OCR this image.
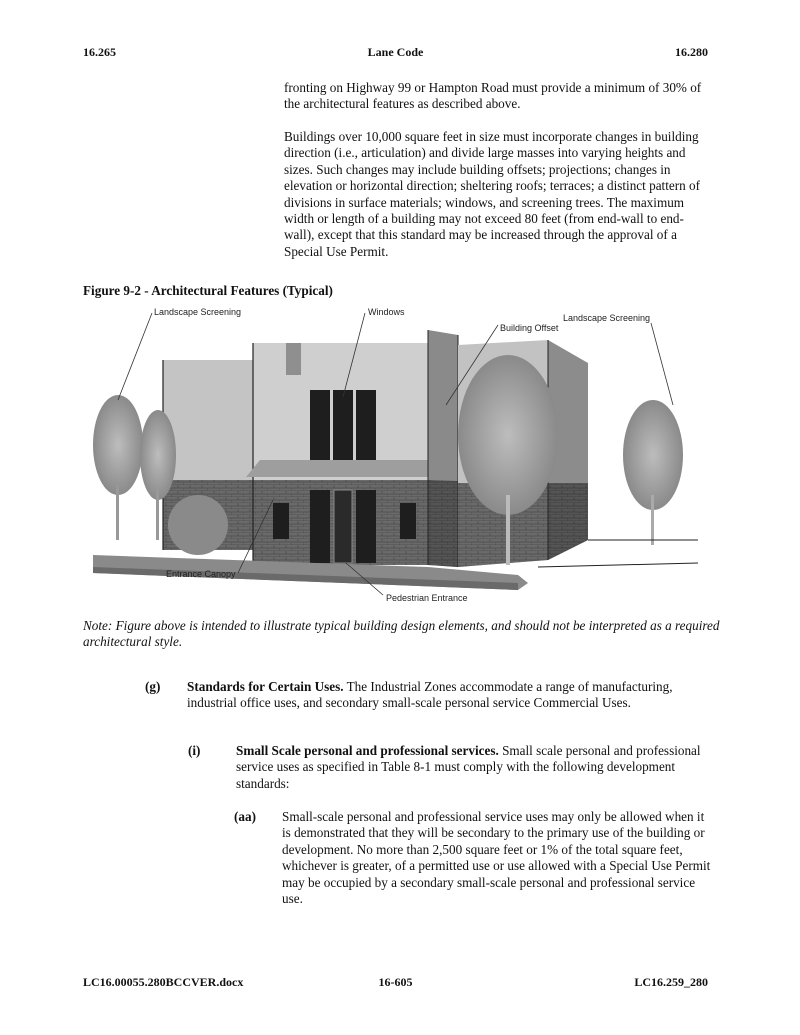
16.265	Lane Code	16.280

fronting on Highway 99 or Hampton Road must provide a minimum of 30% of the architectural features as described above.

Buildings over 10,000 square feet in size must incorporate changes in building direction (i.e., articulation) and divide large masses into varying heights and sizes. Such changes may include building offsets; projections; changes in elevation or horizontal direction; sheltering roofs; terraces; a distinct pattern of divisions in surface materials; windows, and screening trees. The maximum width or length of a building may not exceed 80 feet (from end-wall to end-wall), except that this standard may be increased through the approval of a Special Use Permit.

Figure 9-2 - Architectural Features (Typical)
Landscape Screening	Windows
Building Offset
Landscape Screening
Entrance Canopy
Pedestrian Entrance
Note: Figure above is intended to illustrate typical building design elements, and should not be interpreted as a required architectural style.
(g) Standards for Certain Uses. The Industrial Zones accommodate a range of manufacturing, industrial office uses, and secondary small-scale personal service Commercial Uses.
(i)	Small Scale personal and professional services. Small scale personal and professional service uses as specified in Table 8-1 must comply with the following development standards:
(aa) Small-scale personal and professional service uses may only be allowed when it is demonstrated that they will be secondary to the primary use of the building or development. No more than 2,500 square feet or 1% of the total square feet, whichever is greater, of a permitted use or use allowed with a Special Use Permit may be occupied by a secondary small-scale personal and professional service use.
LC16.00055.280BCCVER.docx	16-605	LC16.259_280
